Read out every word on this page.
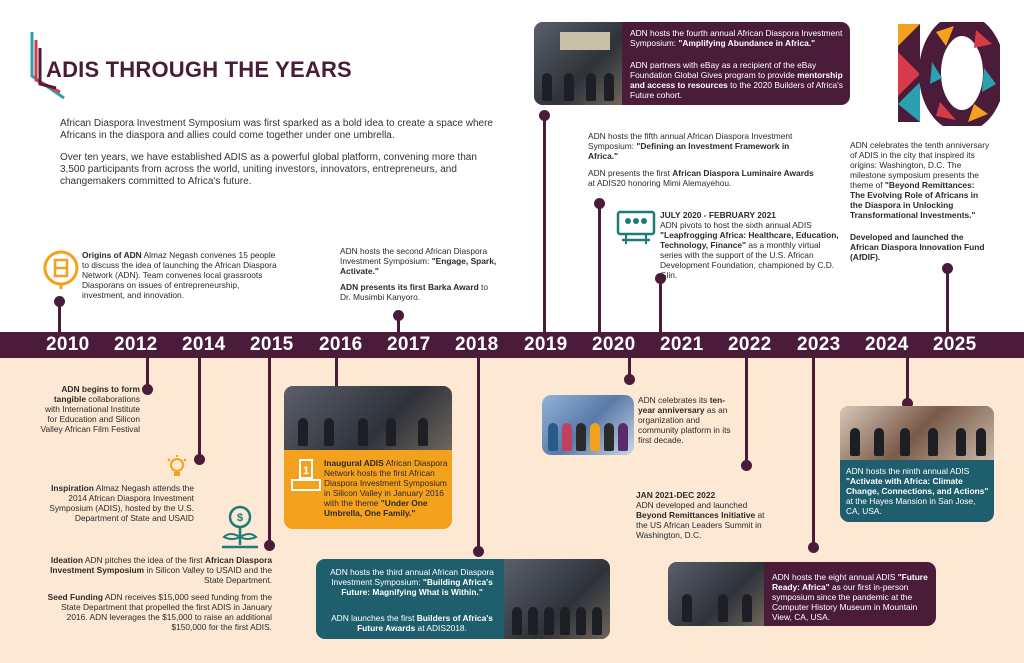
ADIS THROUGH THE YEARS
African Diaspora Investment Symposium was first sparked as a bold idea to create a space where Africans in the diaspora and allies could come together under one umbrella.
Over ten years, we have established ADIS as a powerful global platform, convening more than 3,500 participants from across the world, uniting investors, innovators, entrepreneurs, and changemakers committed to Africa's future.
2010 2012 2014 2015 2016 2017 2018 2019 2020 2021 2022 2023 2024 2025
Origins of ADN Almaz Negash convenes 15 people to discuss the idea of launching the African Diaspora Network (ADN). Team convenes local grassroots Diasporans on issues of entrepreneurship, investment, and innovation.
ADN begins to form tangible collaborations with International Institute for Education and Silicon Valley African Film Festival
Inspiration Almaz Negash attends the 2014 African Diaspora Investment Symposium (ADIS), hosted by the U.S. Department of State and USAID	$
Ideation ADN pitches the idea of the first African Diaspora Investment Symposium in Silicon Valley to USAID and the State Department.
Seed Funding ADN receives $15,000 seed funding from the State Department that propelled the first ADIS in January 2016. ADN leverages the $15,000 to raise an additional $150,000 for the first ADIS.
1
Inaugural ADIS African Diaspora Network hosts the first African Diaspora Investment Symposium in Silicon Valley in January 2016 with the theme "Under One Umbrella, One Family."
ADN hosts the second African Diaspora Investment Symposium: "Engage, Spark, Activate."
ADN presents its first Barka Award to Dr. Musimbi Kanyoro.
ADN hosts the third annual African Diaspora Investment Symposium: "Building Africa's Future: Magnifying What is Within."
ADN launches the first Builders of Africa's Future Awards at ADIS2018.
ADN hosts the fourth annual African Diaspora Investment Symposium: "Amplifying Abundance in Africa."
ADN partners with eBay as a recipient of the eBay Foundation Global Gives program to provide mentorship and access to resources to the 2020 Builders of Africa's Future cohort.
ADN hosts the fifth annual African Diaspora Investment Symposium: "Defining an Investment Framework in Africa."
ADN presents the first African Diaspora Luminaire Awards at ADIS20 honoring Mimi Alemayehou.
ADN celebrates its ten-year anniversary as an organization and community platform in its first decade.
JULY 2020 - FEBRUARY 2021
ADN pivots to host the sixth annual ADIS "Leapfrogging Africa: Healthcare, Education, Technology, Finance" as a monthly virtual series with the support of the U.S. African Development Foundation, championed by C.D. Glin.
JAN 2021-DEC 2022
ADN developed and launched Beyond Remittances Initiative at the US African Leaders Summit in Washington, D.C.
ADN hosts the eight annual ADIS "Future Ready: Africa" as our first in-person symposium since the pandemic at the Computer History Museum in Mountain View, CA, USA.
ADN hosts the ninth annual ADIS "Activate with Africa: Climate Change, Connections, and Actions" at the Hayes Mansion in San Jose, CA, USA.
ADN celebrates the tenth anniversary of ADIS in the city that inspired its origins: Washington, D.C. The milestone symposium presents the theme of "Beyond Remittances: The Evolving Role of Africans in the Diaspora in Unlocking Transformational Investments."
Developed and launched the African Diaspora Innovation Fund (AfDIF).
